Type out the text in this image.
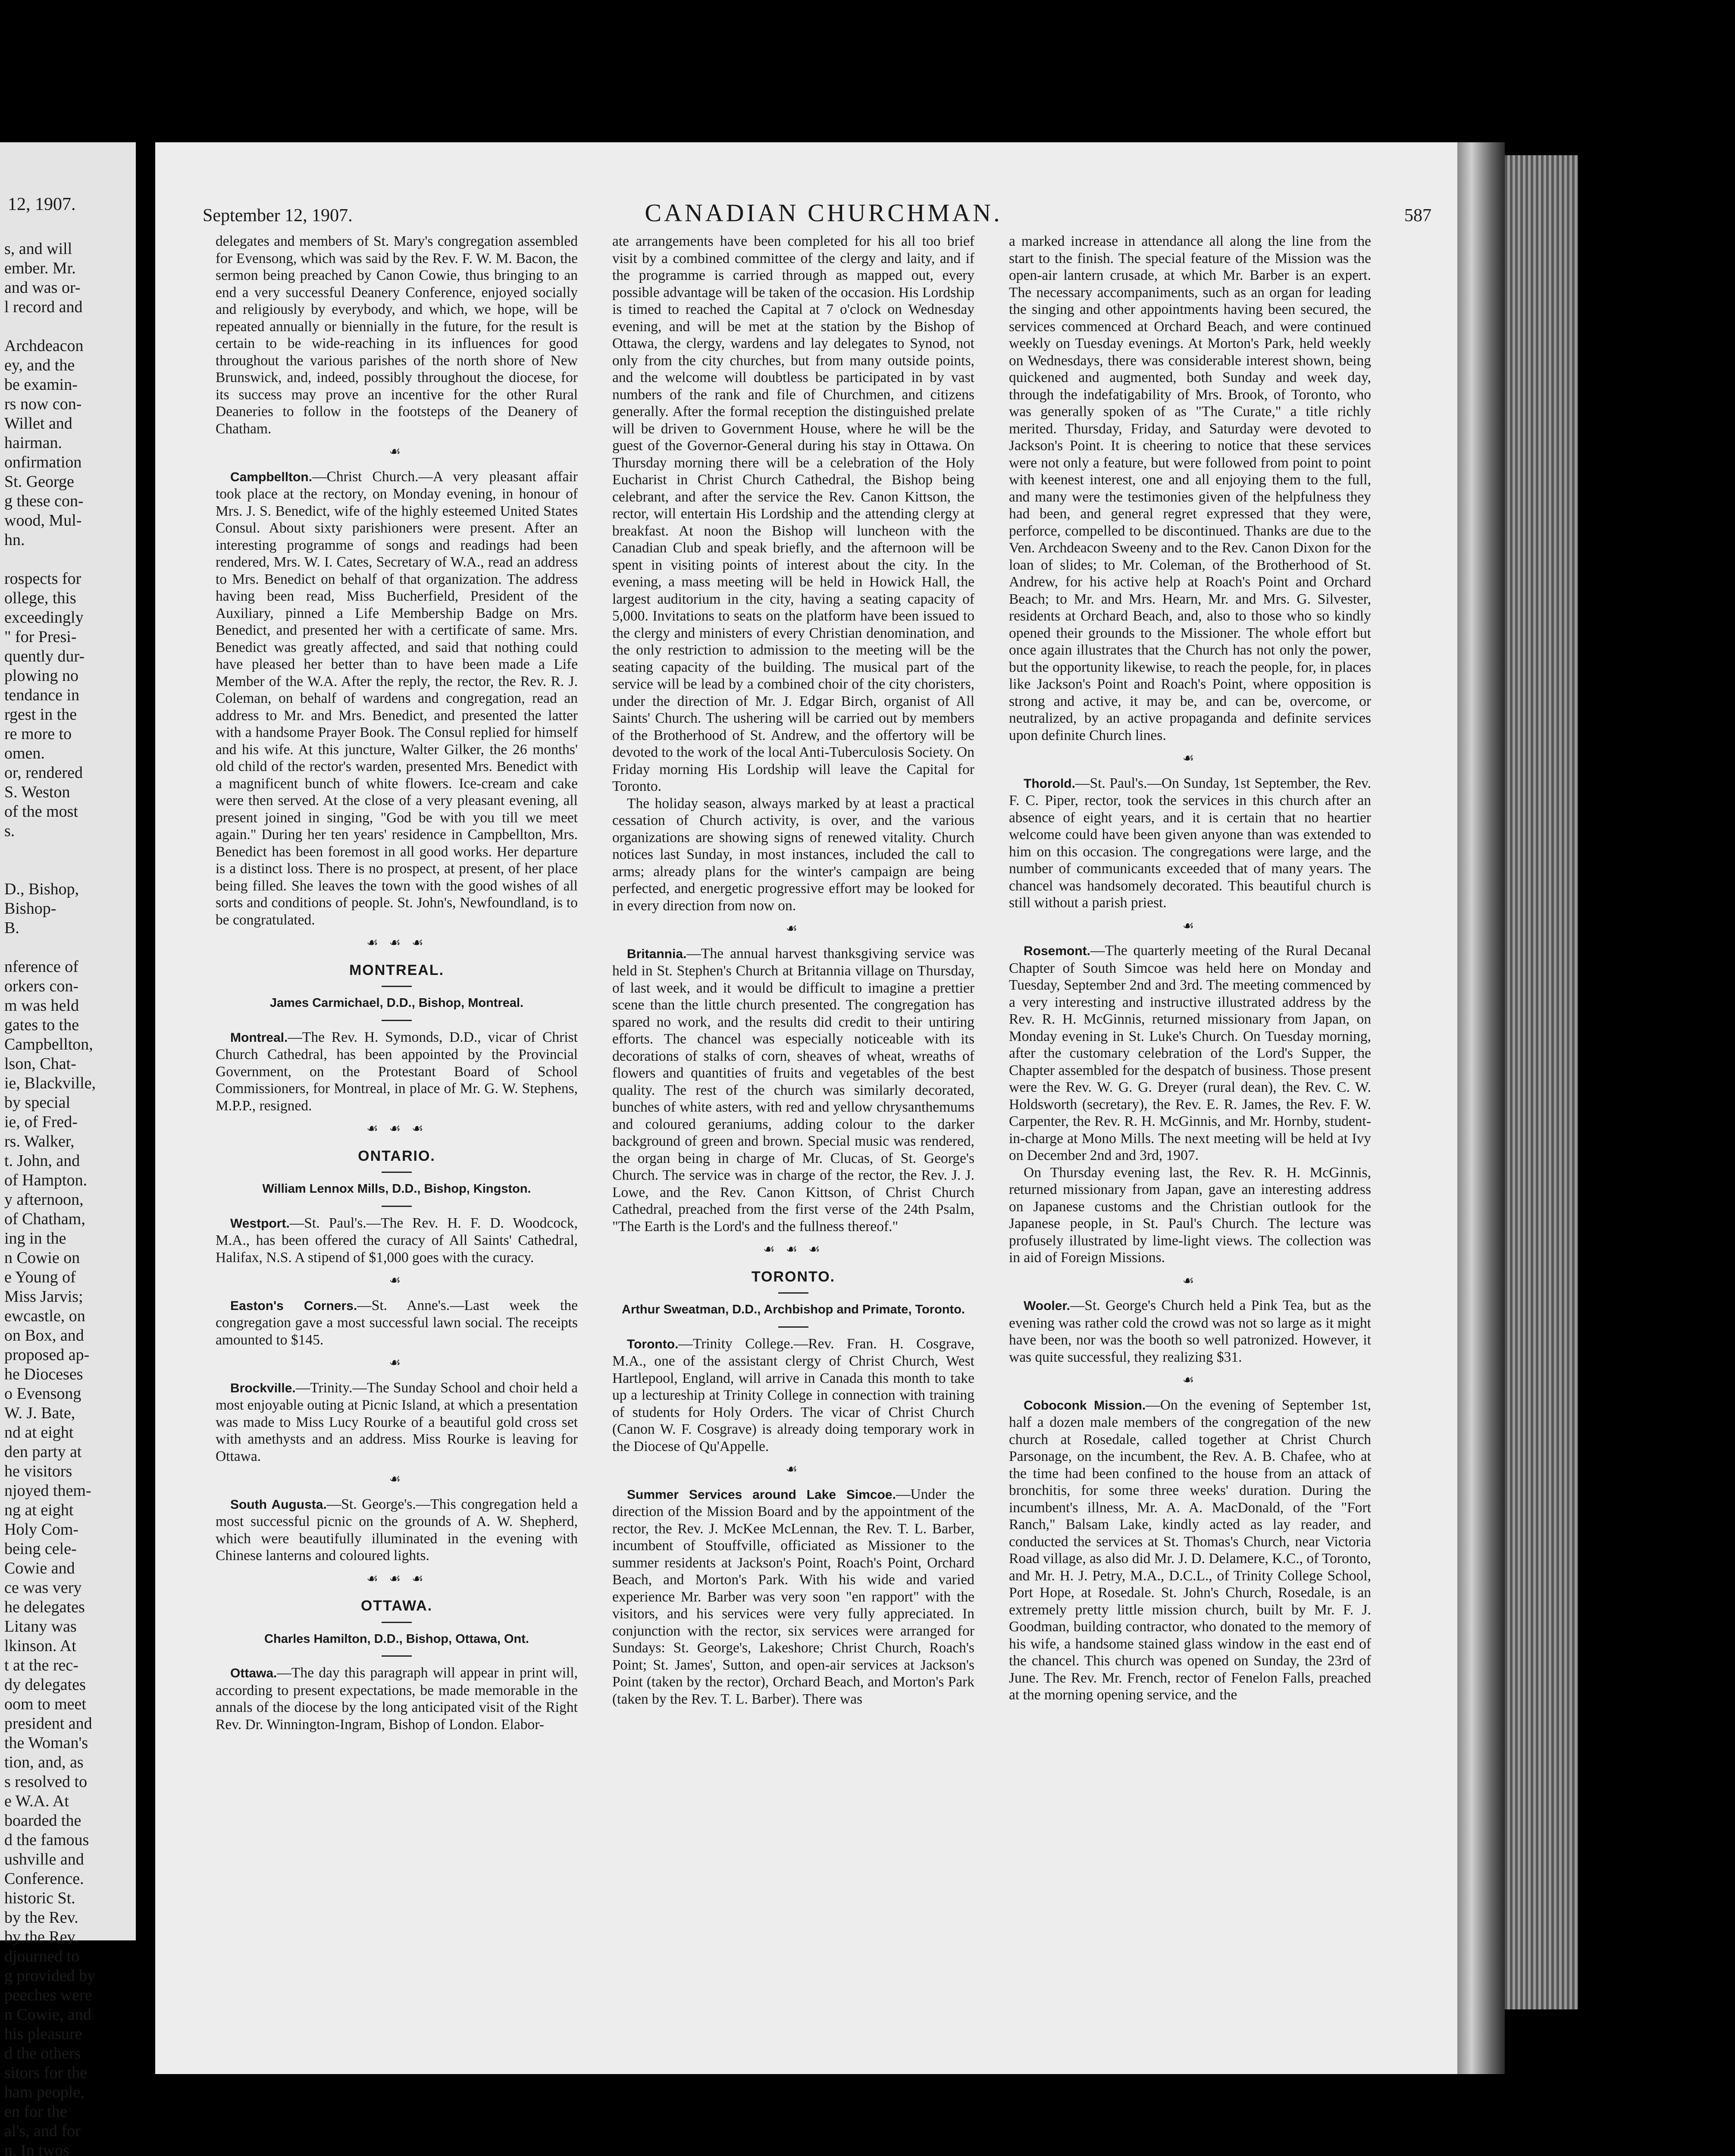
12, 1907.
s, and will
ember. Mr.
and was or-
l record and
Archdeacon
ey, and the
be examin-
rs now con-
Willet and
hairman.
onfirmation
St. George
g these con-
wood, Mul-
hn.
rospects for
ollege, this
exceedingly
" for Presi-
quently dur-
plowing no
tendance in
rgest in the
re more to
omen.
or, rendered
S. Weston
of the most
s.
D., Bishop,
Bishop-
B.
nference of
orkers con-
m was held
gates to the
Campbellton,
lson, Chat-
ie, Blackville,
by special
ie, of Fred-
rs. Walker,
t. John, and
of Hampton.
y afternoon,
of Chatham,
ing in the
n Cowie on
e Young of
Miss Jarvis;
ewcastle, on
on Box, and
proposed ap-
he Dioceses
o Evensong
W. J. Bate,
nd at eight
den party at
he visitors
njoyed them-
ng at eight
Holy Com-
being cele-
Cowie and
ce was very
he delegates
Litany was
lkinson. At
t at the rec-
dy delegates
oom to meet
president and
the Woman's
tion, and, as
s resolved to
e W.A. At
boarded the
d the famous
ushville and
Conference.
historic St.
by the Rev.
by the Rev.
djourned to
g provided by
peeches were
n Cowie, and
his pleasure
d the others
sitors for the
ham people,
en for the
al's, and for
n. In twos
September 12, 1907.	CANADIAN CHURCHMAN.	587

delegates and members of St. Mary's congregation assembled for Evensong, which was said by the Rev. F. W. M. Bacon, the sermon being preached by Canon Cowie, thus bringing to an end a very successful Deanery Conference, enjoyed socially and religiously by everybody, and which, we hope, will be repeated annually or biennially in the future, for the result is certain to be wide-reaching in its influences for good throughout the various parishes of the north shore of New Brunswick, and, indeed, possibly throughout the diocese, for its success may prove an incentive for the other Rural Deaneries to follow in the footsteps of the Deanery of Chatham.

☙

Campbellton.—Christ Church.—A very pleasant affair took place at the rectory, on Monday evening, in honour of Mrs. J. S. Benedict, wife of the highly esteemed United States Consul. About sixty parishioners were present. After an interesting programme of songs and readings had been rendered, Mrs. W. I. Cates, Secretary of W.A., read an address to Mrs. Benedict on behalf of that organization. The address having been read, Miss Bucherfield, President of the Auxiliary, pinned a Life Membership Badge on Mrs. Benedict, and presented her with a certificate of same. Mrs. Benedict was greatly affected, and said that nothing could have pleased her better than to have been made a Life Member of the W.A. After the reply, the rector, the Rev. R. J. Coleman, on behalf of wardens and congregation, read an address to Mr. and Mrs. Benedict, and presented the latter with a handsome Prayer Book. The Consul replied for himself and his wife. At this juncture, Walter Gilker, the 26 months' old child of the rector's warden, presented Mrs. Benedict with a magnificent bunch of white flowers. Ice-cream and cake were then served. At the close of a very pleasant evening, all present joined in singing, "God be with you till we meet again." During her ten years' residence in Campbellton, Mrs. Benedict has been foremost in all good works. Her departure is a distinct loss. There is no prospect, at present, of her place being filled. She leaves the town with the good wishes of all sorts and conditions of people. St. John's, Newfoundland, is to be congratulated.

☙ ☙ ☙
MONTREAL.
James Carmichael, D.D., Bishop, Montreal.

Montreal.—The Rev. H. Symonds, D.D., vicar of Christ Church Cathedral, has been appointed by the Provincial Government, on the Protestant Board of School Commissioners, for Montreal, in place of Mr. G. W. Stephens, M.P.P., resigned.

☙ ☙ ☙
ONTARIO.
William Lennox Mills, D.D., Bishop, Kingston.

Westport.—St. Paul's.—The Rev. H. F. D. Woodcock, M.A., has been offered the curacy of All Saints' Cathedral, Halifax, N.S. A stipend of $1,000 goes with the curacy.

☙

Easton's Corners.—St. Anne's.—Last week the congregation gave a most successful lawn social. The receipts amounted to $145.

☙

Brockville.—Trinity.—The Sunday School and choir held a most enjoyable outing at Picnic Island, at which a presentation was made to Miss Lucy Rourke of a beautiful gold cross set with amethysts and an address. Miss Rourke is leaving for Ottawa.

☙

South Augusta.—St. George's.—This congregation held a most successful picnic on the grounds of A. W. Shepherd, which were beautifully illuminated in the evening with Chinese lanterns and coloured lights.

☙ ☙ ☙
OTTAWA.
Charles Hamilton, D.D., Bishop, Ottawa, Ont.

Ottawa.—The day this paragraph will appear in print will, according to present expectations, be made memorable in the annals of the diocese by the long anticipated visit of the Right Rev. Dr. Winnington-Ingram, Bishop of London. Elabor-

ate arrangements have been completed for his all too brief visit by a combined committee of the clergy and laity, and if the programme is carried through as mapped out, every possible advantage will be taken of the occasion. His Lordship is timed to reached the Capital at 7 o'clock on Wednesday evening, and will be met at the station by the Bishop of Ottawa, the clergy, wardens and lay delegates to Synod, not only from the city churches, but from many outside points, and the welcome will doubtless be participated in by vast numbers of the rank and file of Churchmen, and citizens generally. After the formal reception the distinguished prelate will be driven to Government House, where he will be the guest of the Governor-General during his stay in Ottawa. On Thursday morning there will be a celebration of the Holy Eucharist in Christ Church Cathedral, the Bishop being celebrant, and after the service the Rev. Canon Kittson, the rector, will entertain His Lordship and the attending clergy at breakfast. At noon the Bishop will luncheon with the Canadian Club and speak briefly, and the afternoon will be spent in visiting points of interest about the city. In the evening, a mass meeting will be held in Howick Hall, the largest auditorium in the city, having a seating capacity of 5,000. Invitations to seats on the platform have been issued to the clergy and ministers of every Christian denomination, and the only restriction to admission to the meeting will be the seating capacity of the building. The musical part of the service will be lead by a combined choir of the city choristers, under the direction of Mr. J. Edgar Birch, organist of All Saints' Church. The ushering will be carried out by members of the Brotherhood of St. Andrew, and the offertory will be devoted to the work of the local Anti-Tuberculosis Society. On Friday morning His Lordship will leave the Capital for Toronto.

The holiday season, always marked by at least a practical cessation of Church activity, is over, and the various organizations are showing signs of renewed vitality. Church notices last Sunday, in most instances, included the call to arms; already plans for the winter's campaign are being perfected, and energetic progressive effort may be looked for in every direction from now on.

☙

Britannia.—The annual harvest thanksgiving service was held in St. Stephen's Church at Britannia village on Thursday, of last week, and it would be difficult to imagine a prettier scene than the little church presented. The congregation has spared no work, and the results did credit to their untiring efforts. The chancel was especially noticeable with its decorations of stalks of corn, sheaves of wheat, wreaths of flowers and quantities of fruits and vegetables of the best quality. The rest of the church was similarly decorated, bunches of white asters, with red and yellow chrysanthemums and coloured geraniums, adding colour to the darker background of green and brown. Special music was rendered, the organ being in charge of Mr. Clucas, of St. George's Church. The service was in charge of the rector, the Rev. J. J. Lowe, and the Rev. Canon Kittson, of Christ Church Cathedral, preached from the first verse of the 24th Psalm, "The Earth is the Lord's and the fullness thereof."

☙ ☙ ☙
TORONTO.
Arthur Sweatman, D.D., Archbishop and Primate, Toronto.

Toronto.—Trinity College.—Rev. Fran. H. Cosgrave, M.A., one of the assistant clergy of Christ Church, West Hartlepool, England, will arrive in Canada this month to take up a lectureship at Trinity College in connection with training of students for Holy Orders. The vicar of Christ Church (Canon W. F. Cosgrave) is already doing temporary work in the Diocese of Qu'Appelle.

☙

Summer Services around Lake Simcoe.—Under the direction of the Mission Board and by the appointment of the rector, the Rev. J. McKee McLennan, the Rev. T. L. Barber, incumbent of Stouffville, officiated as Missioner to the summer residents at Jackson's Point, Roach's Point, Orchard Beach, and Morton's Park. With his wide and varied experience Mr. Barber was very soon "en rapport" with the visitors, and his services were very fully appreciated. In conjunction with the rector, six services were arranged for Sundays: St. George's, Lakeshore; Christ Church, Roach's Point; St. James', Sutton, and open-air services at Jackson's Point (taken by the rector), Orchard Beach, and Morton's Park (taken by the Rev. T. L. Barber). There was

a marked increase in attendance all along the line from the start to the finish. The special feature of the Mission was the open-air lantern crusade, at which Mr. Barber is an expert. The necessary accompaniments, such as an organ for leading the singing and other appointments having been secured, the services commenced at Orchard Beach, and were continued weekly on Tuesday evenings. At Morton's Park, held weekly on Wednesdays, there was considerable interest shown, being quickened and augmented, both Sunday and week day, through the indefatigability of Mrs. Brook, of Toronto, who was generally spoken of as "The Curate," a title richly merited. Thursday, Friday, and Saturday were devoted to Jackson's Point. It is cheering to notice that these services were not only a feature, but were followed from point to point with keenest interest, one and all enjoying them to the full, and many were the testimonies given of the helpfulness they had been, and general regret expressed that they were, perforce, compelled to be discontinued. Thanks are due to the Ven. Archdeacon Sweeny and to the Rev. Canon Dixon for the loan of slides; to Mr. Coleman, of the Brotherhood of St. Andrew, for his active help at Roach's Point and Orchard Beach; to Mr. and Mrs. Hearn, Mr. and Mrs. G. Silvester, residents at Orchard Beach, and, also to those who so kindly opened their grounds to the Missioner. The whole effort but once again illustrates that the Church has not only the power, but the opportunity likewise, to reach the people, for, in places like Jackson's Point and Roach's Point, where opposition is strong and active, it may be, and can be, overcome, or neutralized, by an active propaganda and definite services upon definite Church lines.

☙

Thorold.—St. Paul's.—On Sunday, 1st September, the Rev. F. C. Piper, rector, took the services in this church after an absence of eight years, and it is certain that no heartier welcome could have been given anyone than was extended to him on this occasion. The congregations were large, and the number of communicants exceeded that of many years. The chancel was handsomely decorated. This beautiful church is still without a parish priest.

☙

Rosemont.—The quarterly meeting of the Rural Decanal Chapter of South Simcoe was held here on Monday and Tuesday, September 2nd and 3rd. The meeting commenced by a very interesting and instructive illustrated address by the Rev. R. H. McGinnis, returned missionary from Japan, on Monday evening in St. Luke's Church. On Tuesday morning, after the customary celebration of the Lord's Supper, the Chapter assembled for the despatch of business. Those present were the Rev. W. G. G. Dreyer (rural dean), the Rev. C. W. Holdsworth (secretary), the Rev. E. R. James, the Rev. F. W. Carpenter, the Rev. R. H. McGinnis, and Mr. Hornby, student-in-charge at Mono Mills. The next meeting will be held at Ivy on December 2nd and 3rd, 1907.

On Thursday evening last, the Rev. R. H. McGinnis, returned missionary from Japan, gave an interesting address on Japanese customs and the Christian outlook for the Japanese people, in St. Paul's Church. The lecture was profusely illustrated by lime-light views. The collection was in aid of Foreign Missions.

☙

Wooler.—St. George's Church held a Pink Tea, but as the evening was rather cold the crowd was not so large as it might have been, nor was the booth so well patronized. However, it was quite successful, they realizing $31.

☙

Coboconk Mission.—On the evening of September 1st, half a dozen male members of the congregation of the new church at Rosedale, called together at Christ Church Parsonage, on the incumbent, the Rev. A. B. Chafee, who at the time had been confined to the house from an attack of bronchitis, for some three weeks' duration. During the incumbent's illness, Mr. A. A. MacDonald, of the "Fort Ranch," Balsam Lake, kindly acted as lay reader, and conducted the services at St. Thomas's Church, near Victoria Road village, as also did Mr. J. D. Delamere, K.C., of Toronto, and Mr. H. J. Petry, M.A., D.C.L., of Trinity College School, Port Hope, at Rosedale. St. John's Church, Rosedale, is an extremely pretty little mission church, built by Mr. F. J. Goodman, building contractor, who donated to the memory of his wife, a handsome stained glass window in the east end of the chancel. This church was opened on Sunday, the 23rd of June. The Rev. Mr. French, rector of Fenelon Falls, preached at the morning opening service, and the
